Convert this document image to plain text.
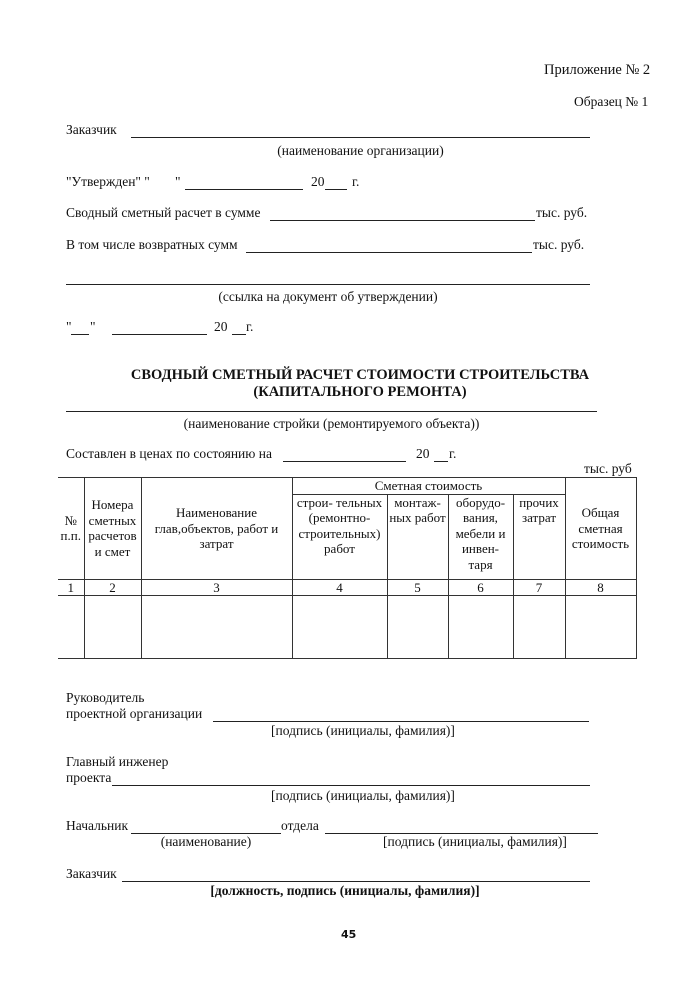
Приложение № 2
Образец № 1
Заказчик
(наименование организации)
"Утвержден" " "	20 г.
Сводный сметный расчет в сумме	тыс. руб.
В том числе возвратных сумм	тыс. руб.
(ссылка на документ об утверждении)
" "	20 г.
СВОДНЫЙ СМЕТНЫЙ РАСЧЕТ СТОИМОСТИ СТРОИТЕЛЬСТВА
(КАПИТАЛЬНОГО РЕМОНТА)
(наименование стройки (ремонтируемого объекта))
Составлен в ценах по состоянию на	20 г.
тыс. руб
№ п.п.	Номера сметных расчетов и смет	Наименование глав,объектов, работ и затрат	Сметная стоимость				Общая сметная стоимость
			строи- тельных (ремонтно- строительных) работ	монтаж- ных работ	оборудо- вания, мебели и инвен- таря	прочих затрат	
1	2	3	4	5	6	7	8

Руководитель
проектной организации
[подпись (инициалы, фамилия)]
Главный инженер
проекта
[подпись (инициалы, фамилия)]
Начальник	отдела
(наименование)	[подпись (инициалы, фамилия)]
Заказчик
[должность, подпись (инициалы, фамилия)]
45
